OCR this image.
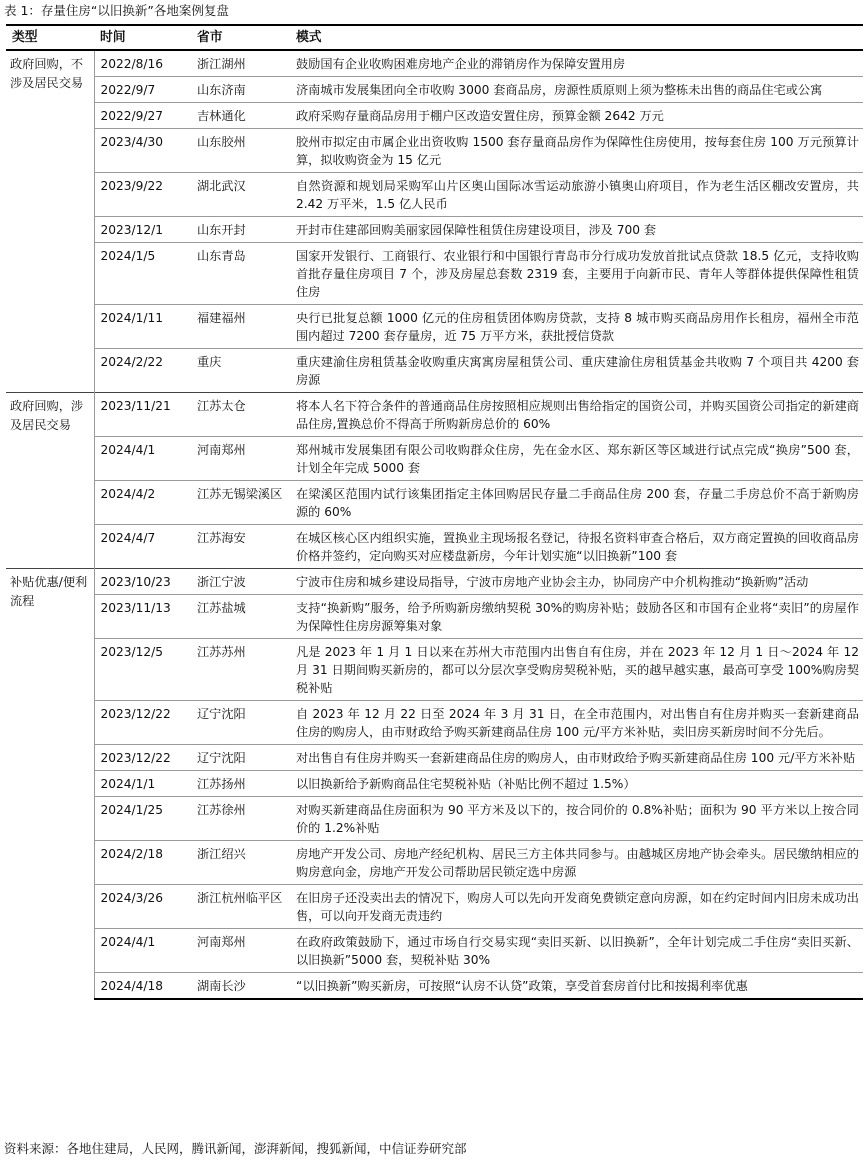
表 1：存量住房“以旧换新”各地案例复盘
类型	时间	省市	模式
政府回购，不涉及居民交易	2022/8/16	浙江湖州	鼓励国有企业收购困难房地产企业的滞销房作为保障安置用房
	2022/9/7	山东济南	济南城市发展集团向全市收购 3000 套商品房，房源性质原则上须为整栋未出售的商品住宅或公寓
	2022/9/27	吉林通化	政府采购存量商品房用于棚户区改造安置住房，预算金额 2642 万元
	2023/4/30	山东胶州	胶州市拟定由市属企业出资收购 1500 套存量商品房作为保障性住房使用，按每套住房 100 万元预算计算，拟收购资金为 15 亿元
	2023/9/22	湖北武汉	自然资源和规划局采购军山片区奥山国际冰雪运动旅游小镇奥山府项目，作为老生活区棚改安置房，共 2.42 万平米，1.5 亿人民币
	2023/12/1	山东开封	开封市住建部回购美丽家园保障性租赁住房建设项目，涉及 700 套
	2024/1/5	山东青岛	国家开发银行、工商银行、农业银行和中国银行青岛市分行成功发放首批试点贷款 18.5 亿元，支持收购首批存量住房项目 7 个，涉及房屋总套数 2319 套，主要用于向新市民、青年人等群体提供保障性租赁住房
	2024/1/11	福建福州	央行已批复总额 1000 亿元的住房租赁团体购房贷款，支持 8 城市购买商品房用作长租房，福州全市范围内超过 7200 套存量房，近 75 万平方米，获批授信贷款
	2024/2/22	重庆	重庆建渝住房租赁基金收购重庆寓寓房屋租赁公司、重庆建渝住房租赁基金共收购 7 个项目共 4200 套房源
政府回购，涉及居民交易	2023/11/21	江苏太仓	将本人名下符合条件的普通商品住房按照相应规则出售给指定的国资公司，并购买国资公司指定的新建商品住房,置换总价不得高于所购新房总价的 60%
	2024/4/1	河南郑州	郑州城市发展集团有限公司收购群众住房，先在金水区、郑东新区等区域进行试点完成“换房”500 套，计划全年完成 5000 套
	2024/4/2	江苏无锡梁溪区	在梁溪区范围内试行该集团指定主体回购居民存量二手商品住房 200 套，存量二手房总价不高于新购房源的 60%
	2024/4/7	江苏海安	在城区核心区内组织实施，置换业主现场报名登记，待报名资料审查合格后，双方商定置换的回收商品房价格并签约，定向购买对应楼盘新房，今年计划实施“以旧换新”100 套
补贴优惠/便利流程	2023/10/23	浙江宁波	宁波市住房和城乡建设局指导，宁波市房地产业协会主办，协同房产中介机构推动“换新购”活动
	2023/11/13	江苏盐城	支持“换新购”服务，给予所购新房缴纳契税 30%的购房补贴；鼓励各区和市国有企业将“卖旧”的房屋作为保障性住房房源筹集对象
	2023/12/5	江苏苏州	凡是 2023 年 1 月 1 日以来在苏州大市范围内出售自有住房，并在 2023 年 12 月 1 日～2024 年 12 月 31 日期间购买新房的，都可以分层次享受购房契税补贴，买的越早越实惠，最高可享受 100%购房契税补贴
	2023/12/22	辽宁沈阳	自 2023 年 12 月 22 日至 2024 年 3 月 31 日，在全市范围内，对出售自有住房并购买一套新建商品住房的购房人，由市财政给予购买新建商品住房 100 元/平方米补贴，卖旧房买新房时间不分先后。
	2023/12/22	辽宁沈阳	对出售自有住房并购买一套新建商品住房的购房人，由市财政给予购买新建商品住房 100 元/平方米补贴
	2024/1/1	江苏扬州	以旧换新给予新购商品住宅契税补贴（补贴比例不超过 1.5%）
	2024/1/25	江苏徐州	对购买新建商品住房面积为 90 平方米及以下的，按合同价的 0.8%补贴；面积为 90 平方米以上按合同价的 1.2%补贴
	2024/2/18	浙江绍兴	房地产开发公司、房地产经纪机构、居民三方主体共同参与。由越城区房地产协会牵头。居民缴纳相应的购房意向金，房地产开发公司帮助居民锁定选中房源
	2024/3/26	浙江杭州临平区	在旧房子还没卖出去的情况下，购房人可以先向开发商免费锁定意向房源，如在约定时间内旧房未成功出售，可以向开发商无责违约
	2024/4/1	河南郑州	在政府政策鼓励下，通过市场自行交易实现“卖旧买新、以旧换新”，全年计划完成二手住房“卖旧买新、以旧换新”5000 套，契税补贴 30%
	2024/4/18	湖南长沙	“以旧换新”购买新房，可按照“认房不认贷”政策，享受首套房首付比和按揭利率优惠
资料来源：各地住建局，人民网，腾讯新闻，澎湃新闻，搜狐新闻，中信证券研究部
